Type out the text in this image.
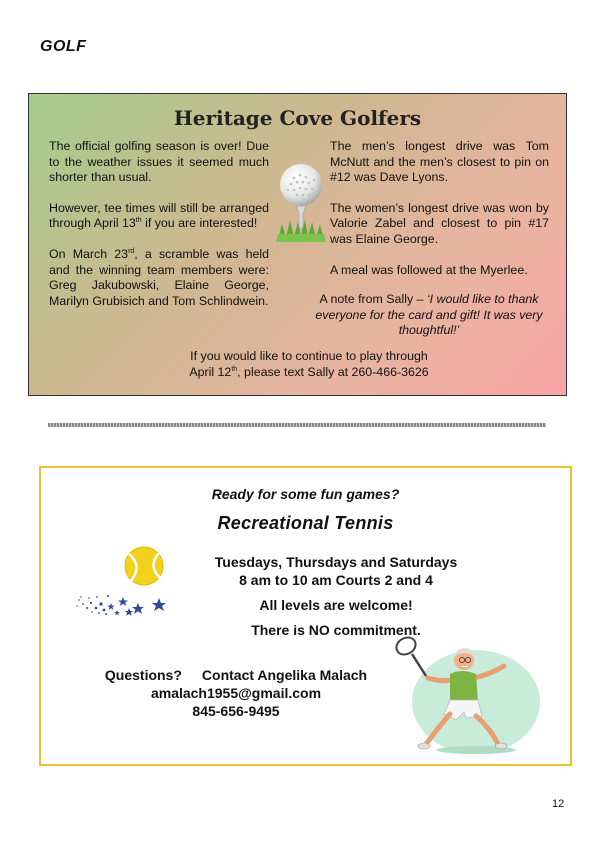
GOLF
Heritage Cove Golfers

The official golfing season is over! Due to the weather issues it seemed much shorter than usual.

However, tee times will still be arranged through April 13th if you are interested!

On March 23rd, a scramble was held and the winning team members were: Greg Jakubowski, Elaine George, Marilyn Grubisich and Tom Schlindwein.

The men’s longest drive was Tom McNutt and the men’s closest to pin on #12 was Dave Lyons.

The women’s longest drive was won by Valorie Zabel and closest to pin #17 was Elaine George.

A meal was followed at the Myerlee.

A note from Sally – ‘I would like to thank everyone for the card and gift! It was very thoughtful!’
If you would like to continue to play through
April 12th, please text Sally at 260-466-3626
Ready for some fun games?
Recreational Tennis
Tuesdays, Thursdays and Saturdays
8 am to 10 am Courts 2 and 4
All levels are welcome!
There is NO commitment.
Questions? Contact Angelika Malach
amalach1955@gmail.com
845-656-9495
12
